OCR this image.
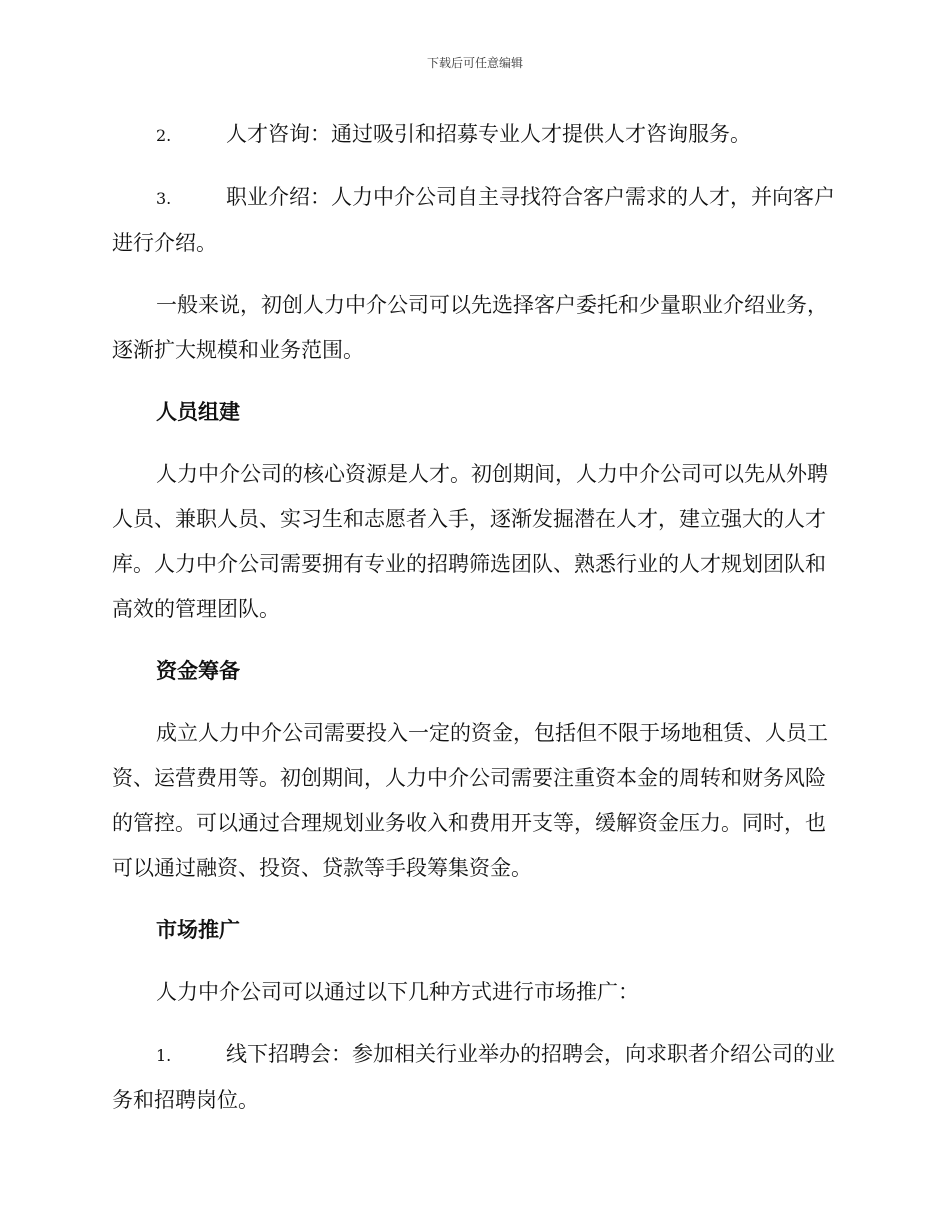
下载后可任意编辑

2.	人才咨询：通过吸引和招募专业人才提供人才咨询服务。

3.	职业介绍：人力中介公司自主寻找符合客户需求的人才，并向客户进行介绍。

一般来说，初创人力中介公司可以先选择客户委托和少量职业介绍业务，逐渐扩大规模和业务范围。

人员组建

人力中介公司的核心资源是人才。初创期间，人力中介公司可以先从外聘人员、兼职人员、实习生和志愿者入手，逐渐发掘潜在人才，建立强大的人才库。人力中介公司需要拥有专业的招聘筛选团队、熟悉行业的人才规划团队和高效的管理团队。

资金筹备

成立人力中介公司需要投入一定的资金，包括但不限于场地租赁、人员工资、运营费用等。初创期间，人力中介公司需要注重资本金的周转和财务风险的管控。可以通过合理规划业务收入和费用开支等，缓解资金压力。同时，也可以通过融资、投资、贷款等手段筹集资金。

市场推广

人力中介公司可以通过以下几种方式进行市场推广：

1.	线下招聘会：参加相关行业举办的招聘会，向求职者介绍公司的业务和招聘岗位。
